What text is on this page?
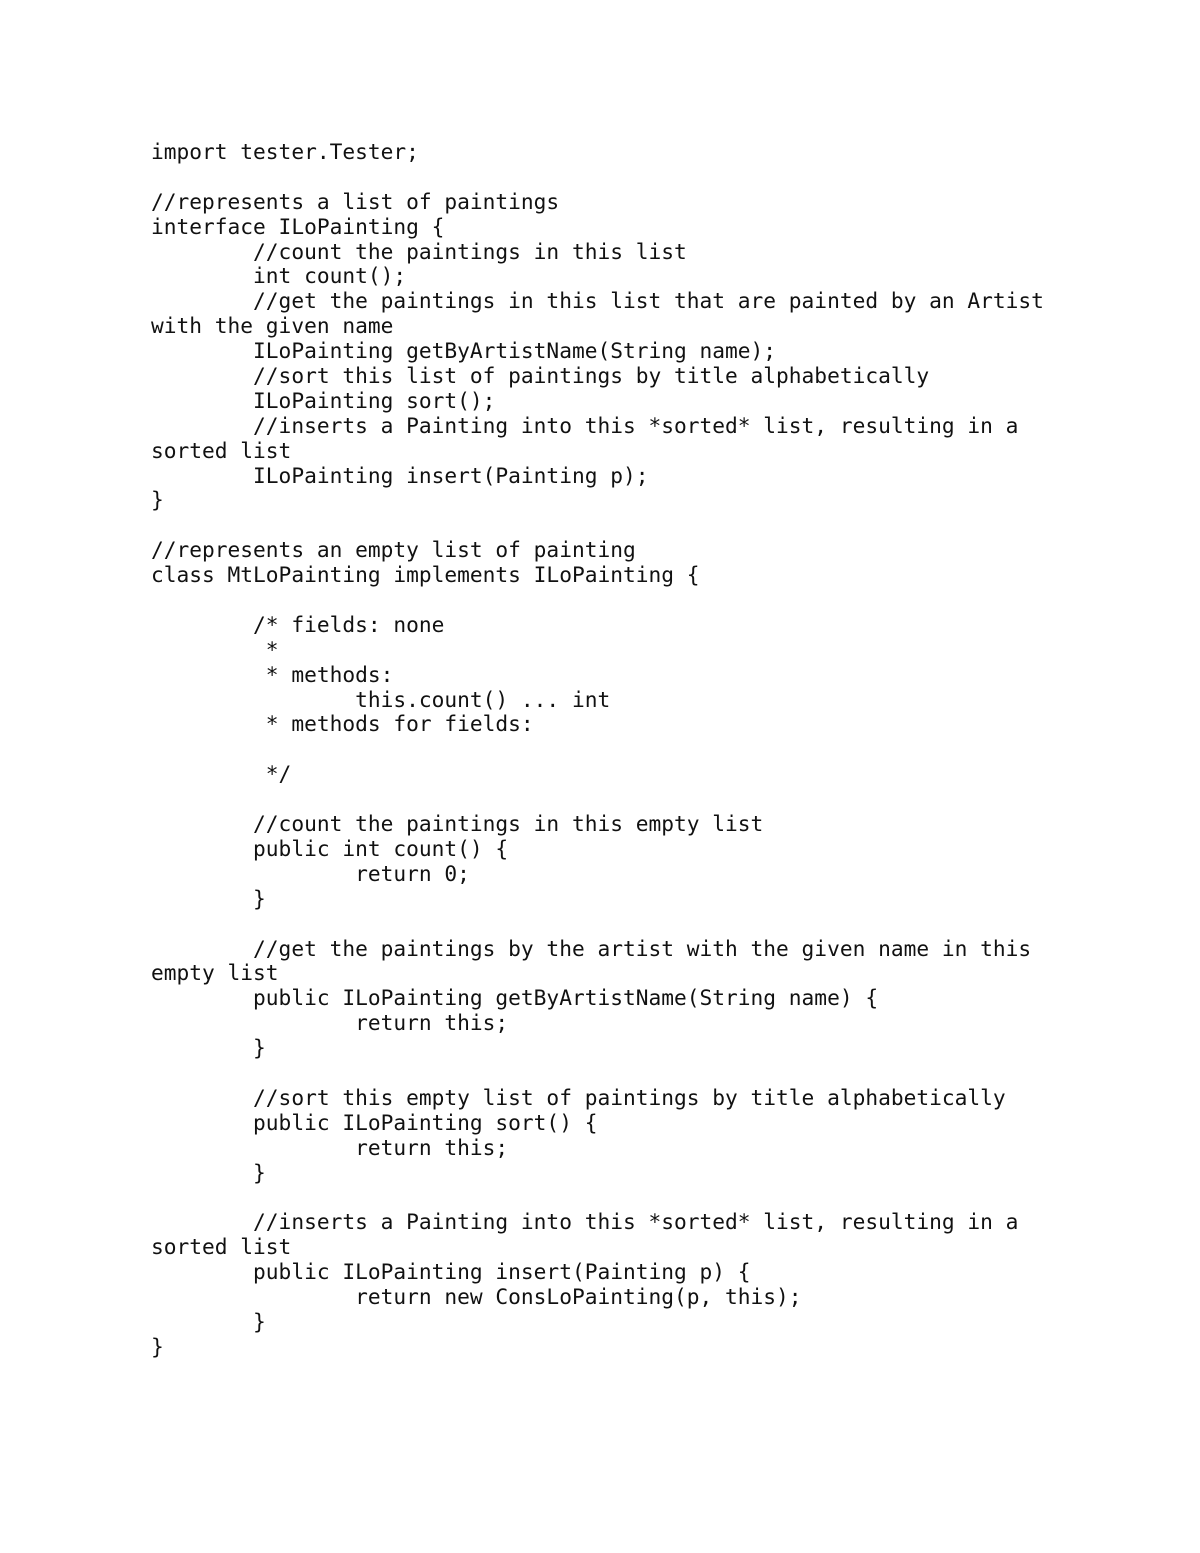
import tester.Tester;
//represents a list of paintings
interface ILoPainting {
//count the paintings in this list
int count();
//get the paintings in this list that are painted by an Artist
with the given name
ILoPainting getByArtistName(String name);
//sort this list of paintings by title alphabetically
ILoPainting sort();
//inserts a Painting into this *sorted* list, resulting in a
sorted list
ILoPainting insert(Painting p);
}
//represents an empty list of painting
class MtLoPainting implements ILoPainting {
/* fields: none
*
* methods:
this.count() ... int
* methods for fields:
*/
//count the paintings in this empty list
public int count() {
return 0;
}
//get the paintings by the artist with the given name in this
empty list
public ILoPainting getByArtistName(String name) {
return this;
}
//sort this empty list of paintings by title alphabetically
public ILoPainting sort() {
return this;
}
//inserts a Painting into this *sorted* list, resulting in a
sorted list
public ILoPainting insert(Painting p) {
return new ConsLoPainting(p, this);
}
}
